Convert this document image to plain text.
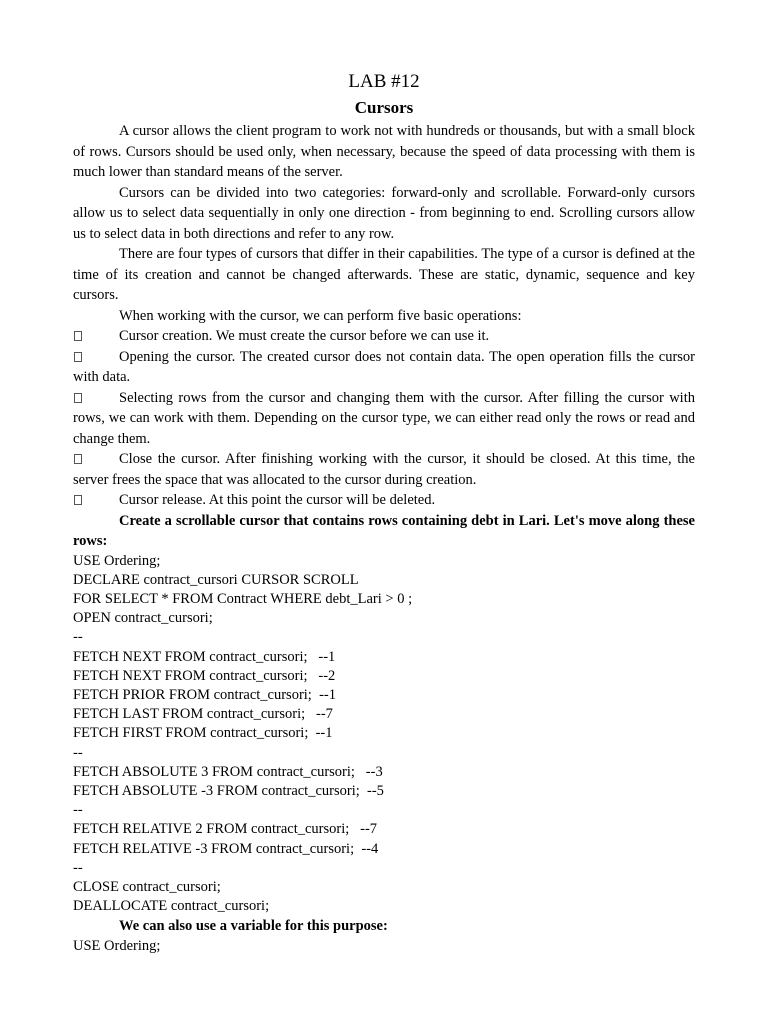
LAB #12
Cursors

A cursor allows the client program to work not with hundreds or thousands, but with a small block of rows. Cursors should be used only, when necessary, because the speed of data processing with them is much lower than standard means of the server.

Cursors can be divided into two categories: forward-only and scrollable. Forward-only cursors allow us to select data sequentially in only one direction - from beginning to end. Scrolling cursors allow us to select data in both directions and refer to any row.

There are four types of cursors that differ in their capabilities. The type of a cursor is defined at the time of its creation and cannot be changed afterwards. These are static, dynamic, sequence and key cursors.

When working with the cursor, we can perform five basic operations:

Cursor creation. We must create the cursor before we can use it.

Opening the cursor. The created cursor does not contain data. The open operation fills the cursor with data.

Selecting rows from the cursor and changing them with the cursor. After filling the cursor with rows, we can work with them. Depending on the cursor type, we can either read only the rows or read and change them.

Close the cursor. After finishing working with the cursor, it should be closed. At this time, the server frees the space that was allocated to the cursor during creation.

Cursor release. At this point the cursor will be deleted.

Create a scrollable cursor that contains rows containing debt in Lari. Let's move along these rows:

USE Ordering;

DECLARE contract_cursori CURSOR SCROLL

FOR SELECT * FROM Contract WHERE debt_Lari > 0 ;

OPEN contract_cursori;

--

FETCH NEXT FROM contract_cursori;   --1

FETCH NEXT FROM contract_cursori;   --2

FETCH PRIOR FROM contract_cursori;  --1

FETCH LAST FROM contract_cursori;   --7

FETCH FIRST FROM contract_cursori;  --1

--

FETCH ABSOLUTE 3 FROM contract_cursori;   --3

FETCH ABSOLUTE -3 FROM contract_cursori;  --5

--

FETCH RELATIVE 2 FROM contract_cursori;   --7

FETCH RELATIVE -3 FROM contract_cursori;  --4

--

CLOSE contract_cursori;

DEALLOCATE contract_cursori;

We can also use a variable for this purpose:

USE Ordering;
